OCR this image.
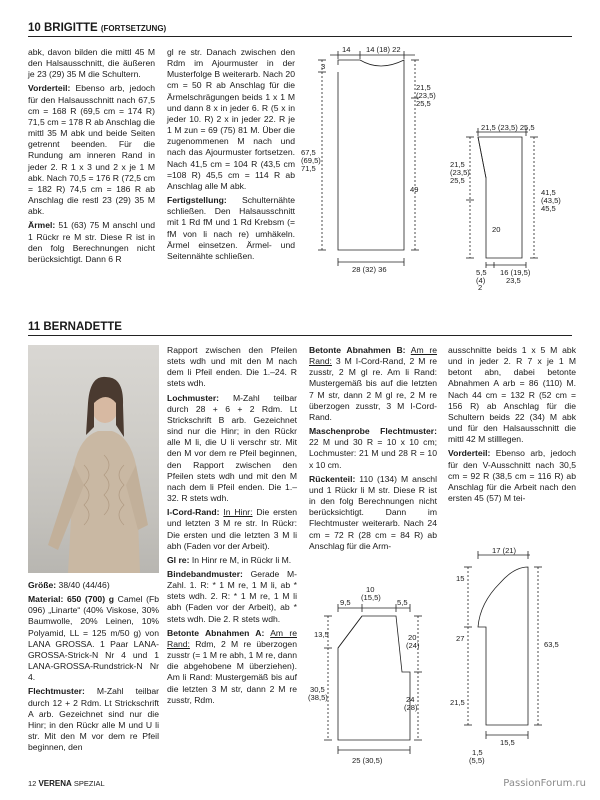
10 BRIGITTE (FORTSETZUNG)

abk, davon bilden die mittl 45 M den Halsausschnitt, die äußeren je 23 (29) 35 M die Schultern.

Vorderteil: Ebenso arb, jedoch für den Halsausschnitt nach 67,5 cm = 168 R (69,5 cm = 174 R) 71,5 cm = 178 R ab Anschlag die mittl 35 M abk und beide Seiten getrennt beenden. Für die Rundung am inneren Rand in jeder 2. R 1 x 3 und 2 x je 1 M abk. Nach 70,5 = 176 R (72,5 cm = 182 R) 74,5 cm = 186 R ab Anschlag die restl 23 (29) 35 M abk.

Ärmel: 51 (63) 75 M anschl und 1 Rückr re M str. Diese R ist in den folg Berechnungen nicht berücksichtigt. Dann 6 R

gl re str. Danach zwischen den Rdm im Ajourmuster in der Musterfolge B weiterarb. Nach 20 cm = 50 R ab Anschlag für die Ärmelschrägungen beids 1 x 1 M und dann 8 x in jeder 6. R (5 x in jeder 10. R) 2 x in jeder 22. R je 1 M zun = 69 (75) 81 M. Über die zugenommenen M nach und nach das Ajourmuster fortsetzen. Nach 41,5 cm = 104 R (43,5 cm =108 R) 45,5 cm = 114 R ab Anschlag alle M abk.

Fertigstellung: Schulternähte schließen. Den Halsausschnitt mit 1 Rd fM und 1 Rd Krebsm (= fM von li nach re) umhäkeln. Ärmel einsetzen. Ärmel- und Seitennähte schließen.

14 14 (18) 22
3
21,5
(23,5)
25,5
67,5
(69,5)
71,5
49
28 (32) 36
21,5 (23,5) 25,5
21,5
(23,5)
25,5
20
41,5
(43,5)
45,5
5,5
(4)
2
16 (19,5)
23,5
11 BERNADETTE

Größe: 38/40 (44/46)

Material: 650 (700) g Camel (Fb 096) „Linarte“ (40% Viskose, 30% Baumwolle, 20% Leinen, 10% Polyamid, LL = 125 m/50 g) von LANA GROSSA. 1 Paar LANA-GROSSA-Strick-N Nr 4 und 1 LANA-GROSSA-Rundstrick-N Nr 4.

Flechtmuster: M-Zahl teilbar durch 12 + 2 Rdm. Lt Strickschrift A arb. Gezeichnet sind nur die Hinr; in den Rückr alle M und U li str. Mit den M vor dem re Pfeil beginnen, den

Rapport zwischen den Pfeilen stets wdh und mit den M nach dem li Pfeil enden. Die 1.–24. R stets wdh.

Lochmuster: M-Zahl teilbar durch 28 + 6 + 2 Rdm. Lt Strickschrift B arb. Gezeichnet sind nur die Hinr; in den Rückr alle M li, die U li verschr str. Mit den M vor dem re Pfeil beginnen, den Rapport zwischen den Pfeilen stets wdh und mit den M nach dem li Pfeil enden. Die 1.–32. R stets wdh.

I-Cord-Rand: In Hinr: Die ersten und letzten 3 M re str. In Rückr: Die ersten und die letzten 3 M li abh (Faden vor der Arbeit).

Gl re: In Hinr re M, in Rückr li M.

Bindebandmuster: Gerade M-Zahl. 1. R: * 1 M re, 1 M li, ab * stets wdh. 2. R: * 1 M re, 1 M li abh (Faden vor der Arbeit), ab * stets wdh. Die 2. R stets wdh.

Betonte Abnahmen A: Am re Rand: Rdm, 2 M re überzogen zusstr (= 1 M re abh, 1 M re, dann die abgehobene M überziehen). Am li Rand: Mustergemäß bis auf die letzten 3 M str, dann 2 M re zusstr, Rdm.

Betonte Abnahmen B: Am re Rand: 3 M I-Cord-Rand, 2 M re zusstr, 2 M gl re. Am li Rand: Mustergemäß bis auf die letzten 7 M str, dann 2 M gl re, 2 M re überzogen zusstr, 3 M I-Cord-Rand.

Maschenprobe Flechtmuster: 22 M und 30 R = 10 x 10 cm; Lochmuster: 21 M und 28 R = 10 x 10 cm.

Rückenteil: 110 (134) M anschl und 1 Rückr li M str. Diese R ist in den folg Berechnungen nicht berücksichtigt. Dann im Flechtmuster weiterarb. Nach 24 cm = 72 R (28 cm = 84 R) ab Anschlag für die Arm-

ausschnitte beids 1 x 5 M abk und in jeder 2. R 7 x je 1 M betont abn, dabei betonte Abnahmen A arb = 86 (110) M. Nach 44 cm = 132 R (52 cm = 156 R) ab Anschlag für die Schultern beids 22 (34) M abk und für den Halsausschnitt die mittl 42 M stilllegen.

Vorderteil: Ebenso arb, jedoch für den V-Ausschnitt nach 30,5 cm = 92 R (38,5 cm = 116 R) ab Anschlag für die Arbeit nach den ersten 45 (57) M tei-

10
(15,5)
9,5	5,5
13,5	20
(24)
30,5
(38,5)	24
(28)
25 (30,5)
17 (21)
15
27
63,5
21,5
15,5
1,5
(5,5)
12 VERENA SPEZIAL	PassionForum.ru
